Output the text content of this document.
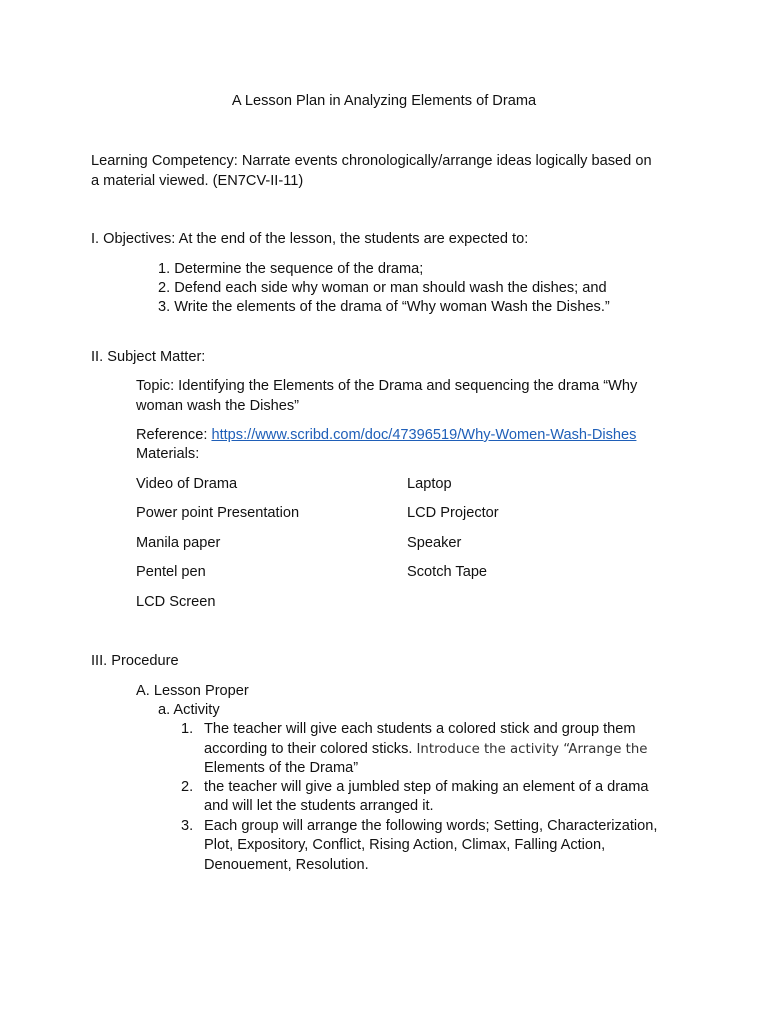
A Lesson Plan in Analyzing Elements of Drama
Learning Competency: Narrate events chronologically/arrange ideas logically based on
a material viewed. (EN7CV-II-11)
I. Objectives: At the end of the lesson, the students are expected to:
1. Determine the sequence of the drama;
2. Defend each side why woman or man should wash the dishes; and
3. Write the elements of the drama of “Why woman Wash the Dishes.”
II. Subject Matter:
Topic: Identifying the Elements of the Drama and sequencing the drama “Why
woman wash the Dishes”
Reference: https://www.scribd.com/doc/47396519/Why-Women-Wash-Dishes
Materials:
Video of Drama
Power point Presentation
Manila paper
Pentel pen
LCD Screen
Laptop
LCD Projector
Speaker
Scotch Tape
III. Procedure
A. Lesson Proper
a. Activity
1. The teacher will give each students a colored stick and group them
according to their colored sticks. Introduce the activity “Arrange the
Elements of the Drama”
2. the teacher will give a jumbled step of making an element of a drama
and will let the students arranged it.
3. Each group will arrange the following words; Setting, Characterization,
Plot, Expository, Conflict, Rising Action, Climax, Falling Action,
Denouement, Resolution.
